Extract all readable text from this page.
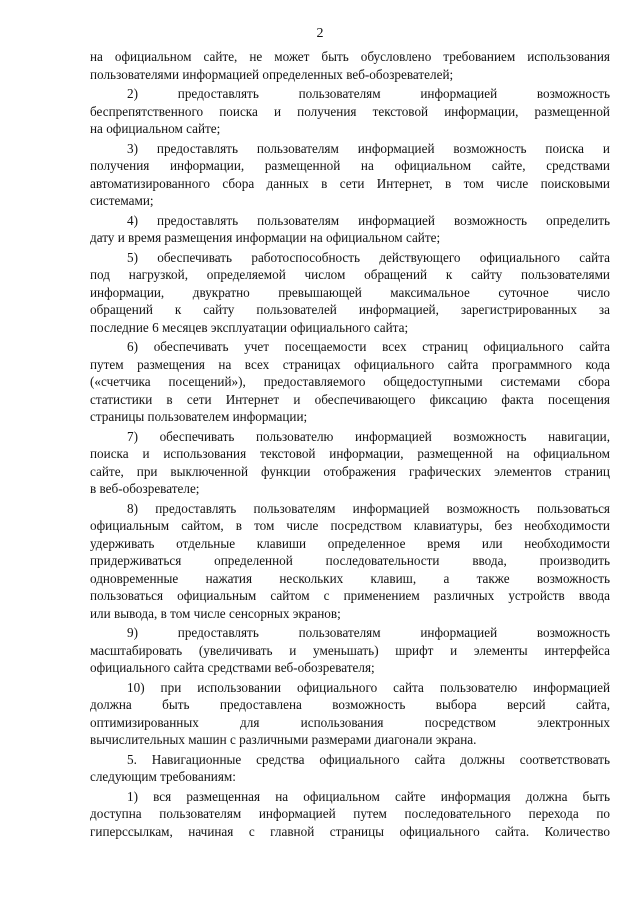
2
на официальном сайте, не может быть обусловлено требованием использования
пользователями информацией определенных веб-обозревателей;
2) предоставлять пользователям информацией возможность
беспрепятственного поиска и получения текстовой информации, размещенной
на официальном сайте;
3) предоставлять пользователям информацией возможность поиска и
получения информации, размещенной на официальном сайте, средствами
автоматизированного сбора данных в сети Интернет, в том числе поисковыми
системами;
4) предоставлять пользователям информацией возможность определить
дату и время размещения информации на официальном сайте;
5) обеспечивать работоспособность действующего официального сайта
под нагрузкой, определяемой числом обращений к сайту пользователями
информации, двукратно превышающей максимальное суточное число
обращений к сайту пользователей информацией, зарегистрированных за
последние 6 месяцев эксплуатации официального сайта;
6) обеспечивать учет посещаемости всех страниц официального сайта
путем размещения на всех страницах официального сайта программного кода
(«счетчика посещений»), предоставляемого общедоступными системами сбора
статистики в сети Интернет и обеспечивающего фиксацию факта посещения
страницы пользователем информации;
7) обеспечивать пользователю информацией возможность навигации,
поиска и использования текстовой информации, размещенной на официальном
сайте, при выключенной функции отображения графических элементов страниц
в веб-обозревателе;
8) предоставлять пользователям информацией возможность пользоваться
официальным сайтом, в том числе посредством клавиатуры, без необходимости
удерживать отдельные клавиши определенное время или необходимости
придерживаться определенной последовательности ввода, производить
одновременные нажатия нескольких клавиш, а также возможность
пользоваться официальным сайтом с применением различных устройств ввода
или вывода, в том числе сенсорных экранов;
9) предоставлять пользователям информацией возможность
масштабировать (увеличивать и уменьшать) шрифт и элементы интерфейса
официального сайта средствами веб-обозревателя;
10) при использовании официального сайта пользователю информацией
должна быть предоставлена возможность выбора версий сайта,
оптимизированных для использования посредством электронных
вычислительных машин с различными размерами диагонали экрана.
5. Навигационные средства официального сайта должны соответствовать
следующим требованиям:
1) вся размещенная на официальном сайте информация должна быть
доступна пользователям информацией путем последовательного перехода по
гиперссылкам, начиная с главной страницы официального сайта. Количество
